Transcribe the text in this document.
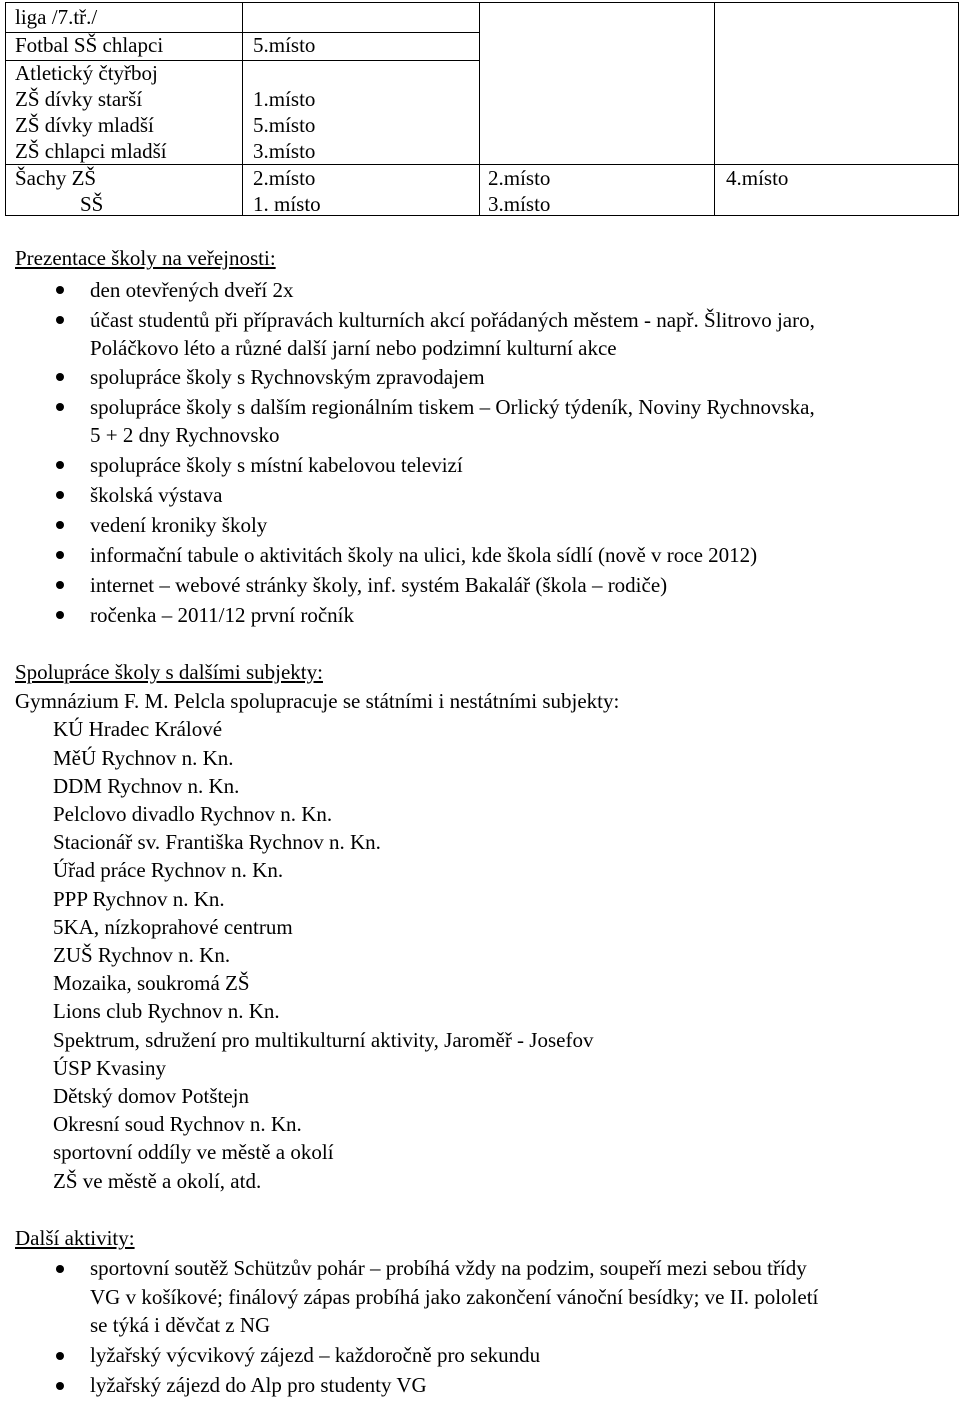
liga /7.tř./
Fotbal SŠ chlapci	5.místo
Atletický čtyřboj
ZŠ dívky starší
ZŠ dívky mladší
ZŠ chlapci mladší
1.místo
5.místo
3.místo
Šachy ZŠ
SŠ
2.místo
1. místo
2.místo
3.místo
4.místo
Prezentace školy na veřejnosti:
den otevřených dveří 2x
účast studentů při přípravách kulturních akcí pořádaných městem - např. Šlitrovo jaro,
Poláčkovo léto a různé další jarní nebo podzimní kulturní akce
spolupráce školy s Rychnovským zpravodajem
spolupráce školy s dalším regionálním tiskem – Orlický týdeník, Noviny Rychnovska,
5 + 2 dny Rychnovsko
spolupráce školy s místní kabelovou televizí
školská výstava
vedení kroniky školy
informační tabule o aktivitách školy na ulici, kde škola sídlí (nově v roce 2012)
internet – webové stránky školy, inf. systém Bakalář (škola – rodiče)
ročenka – 2011/12 první ročník
Spolupráce školy s dalšími subjekty:
Gymnázium F. M. Pelcla spolupracuje se státními i nestátními subjekty:
KÚ Hradec Králové
MěÚ Rychnov n. Kn.
DDM Rychnov n. Kn.
Pelclovo divadlo Rychnov n. Kn.
Stacionář sv. Františka Rychnov n. Kn.
Úřad práce Rychnov n. Kn.
PPP Rychnov n. Kn.
5KA, nízkoprahové centrum
ZUŠ Rychnov n. Kn.
Mozaika, soukromá ZŠ
Lions club Rychnov n. Kn.
Spektrum, sdružení pro multikulturní aktivity, Jaroměř - Josefov
ÚSP Kvasiny
Dětský domov Potštejn
Okresní soud Rychnov n. Kn.
sportovní oddíly ve městě a okolí
ZŠ ve městě a okolí, atd.
Další aktivity:
sportovní soutěž Schützův pohár – probíhá vždy na podzim, soupeří mezi sebou třídy
VG v košíkové; finálový zápas probíhá jako zakončení vánoční besídky; ve II. pololetí
se týká i děvčat z NG
lyžařský výcvikový zájezd – každoročně pro sekundu
lyžařský zájezd do Alp pro studenty VG
